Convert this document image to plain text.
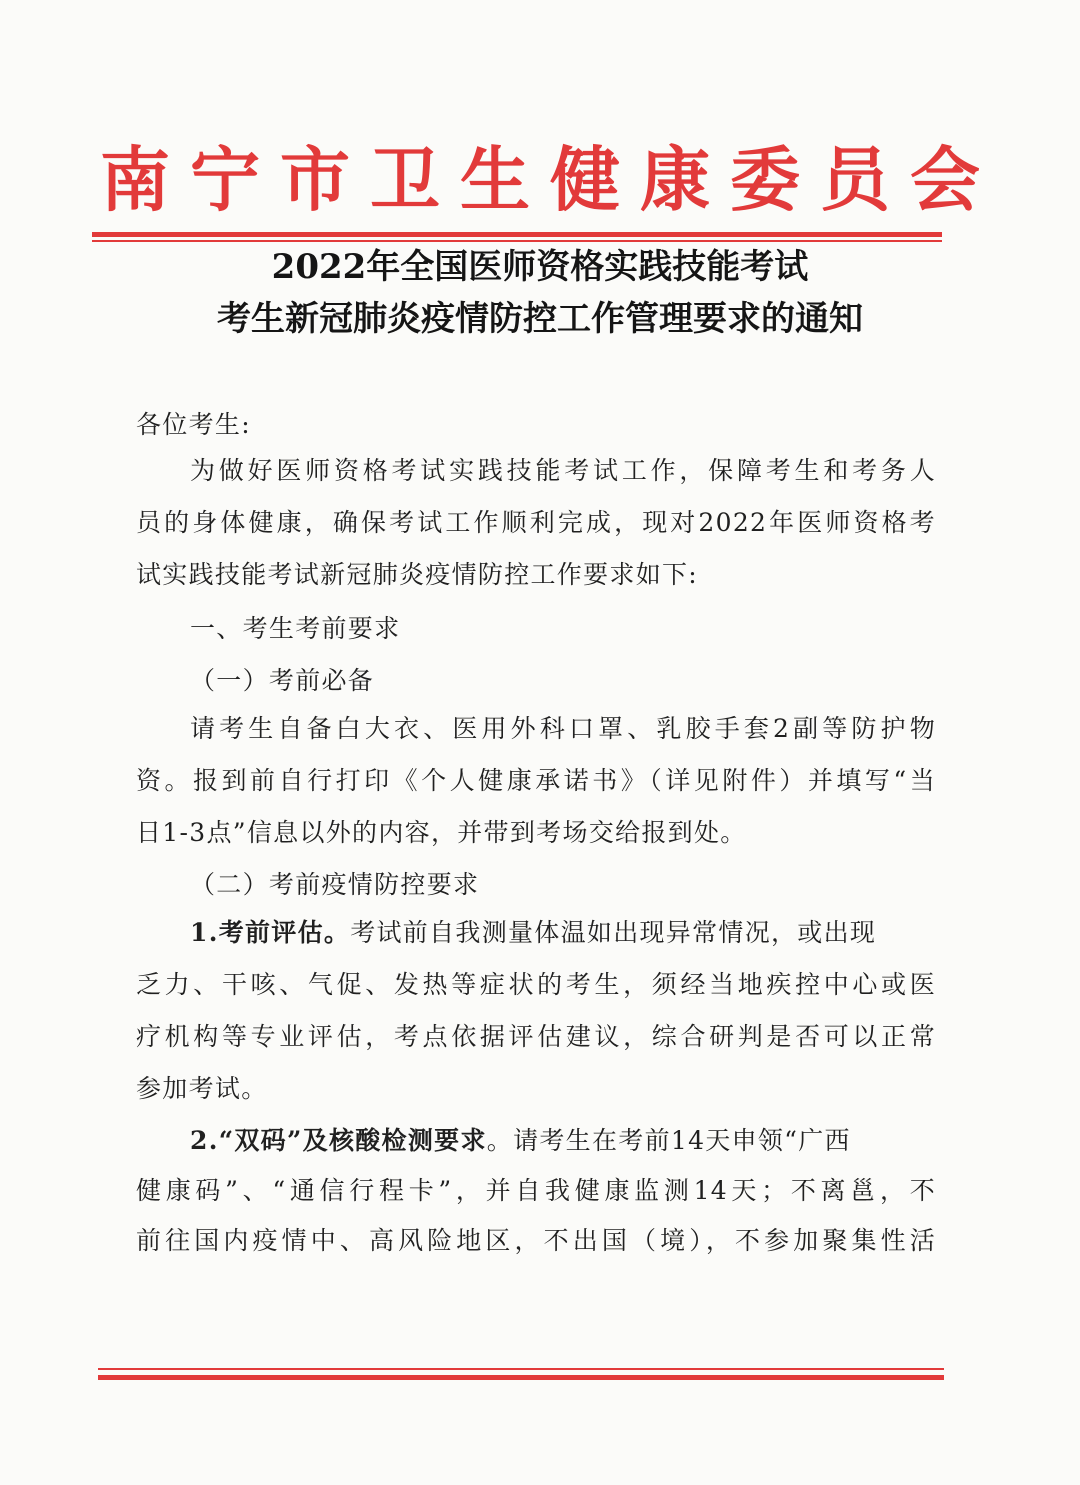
南宁市卫生健康委员会
2022年全国医师资格实践技能考试
考生新冠肺炎疫情防控工作管理要求的通知
各位考生:
为做好医师资格考试实践技能考试工作，保障考生和考务人
员的身体健康，确保考试工作顺利完成，现对2022年医师资格考
试实践技能考试新冠肺炎疫情防控工作要求如下:
一、考生考前要求
（一）考前必备
请考生自备白大衣、医用外科口罩、乳胶手套2副等防护物
资。报到前自行打印《个人健康承诺书》（详见附件）并填写“当
日1-3点”信息以外的内容，并带到考场交给报到处。
（二）考前疫情防控要求
1.考前评估。考试前自我测量体温如出现异常情况，或出现
乏力、干咳、气促、发热等症状的考生，须经当地疾控中心或医
疗机构等专业评估，考点依据评估建议，综合研判是否可以正常
参加考试。
2.“双码”及核酸检测要求。请考生在考前14天申领“广西
健康码”、“通信行程卡”，并自我健康监测14天；不离邕，不
前往国内疫情中、高风险地区，不出国（境），不参加聚集性活
